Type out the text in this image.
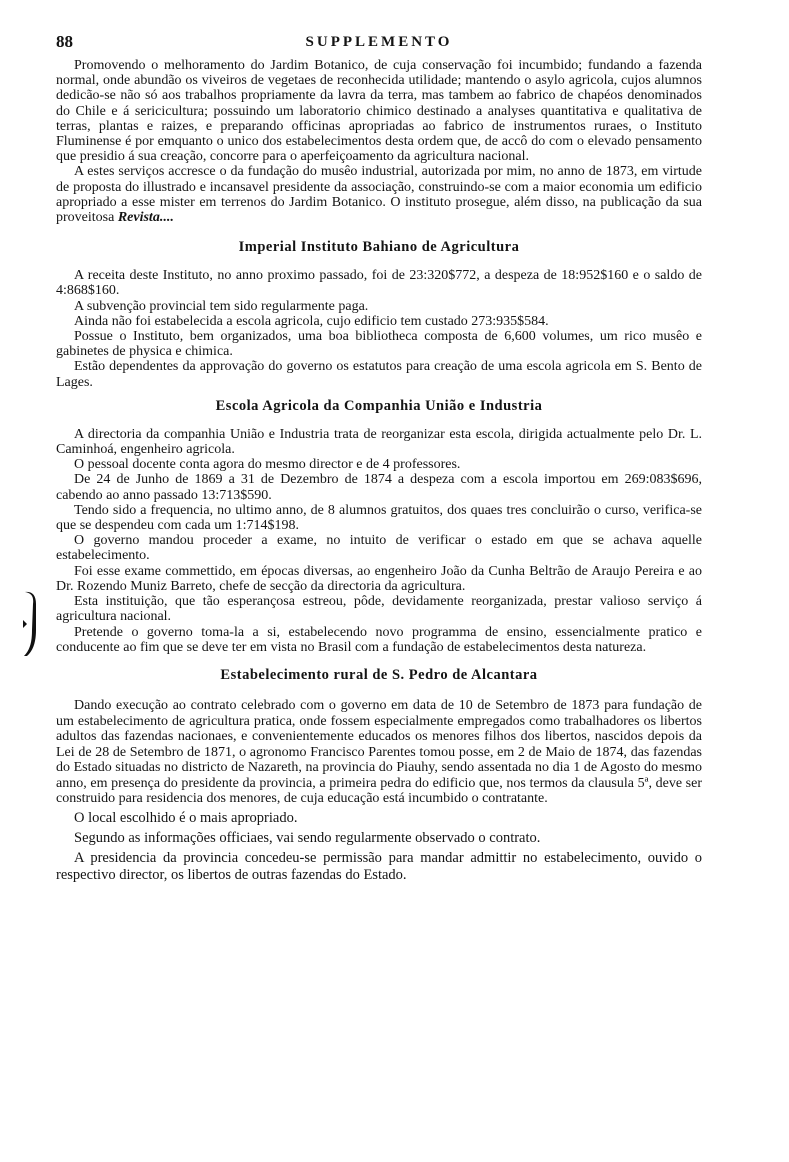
88	SUPPLEMENTO

Promovendo o melhoramento do Jardim Botanico, de cuja conservação foi incumbido; fundando a fazenda normal, onde abundão os viveiros de vegetaes de reconhecida utilidade; mantendo o asylo agricola, cujos alumnos dedicão-se não só aos trabalhos propriamente da lavra da terra, mas tambem ao fabrico de chapéos denominados do Chile e á sericicultura; possuindo um laboratorio chimico destinado a analyses quantitativa e qualitativa de terras, plantas e raizes, e preparando officinas apropriadas ao fabrico de instrumentos ruraes, o Instituto Fluminense é por emquanto o unico dos estabelecimentos desta ordem que, de accô do com o elevado pensamento que presidio á sua creação, concorre para o aperfeiçoamento da agricultura nacional.

A estes serviços accresce o da fundação do musêo industrial, autorizada por mim, no anno de 1873, em virtude de proposta do illustrado e incansavel presidente da associação, construindo-se com a maior economia um edificio apropriado a esse mister em terrenos do Jardim Botanico. O instituto prosegue, além disso, na publicação da sua proveitosa Revista....

Imperial Instituto Bahiano de Agricultura

A receita deste Instituto, no anno proximo passado, foi de 23:320$772, a despeza de 18:952$160 e o saldo de 4:868$160.

A subvenção provincial tem sido regularmente paga.

Ainda não foi estabelecida a escola agricola, cujo edificio tem custado 273:935$584.

Possue o Instituto, bem organizados, uma boa bibliotheca composta de 6,600 volumes, um rico musêo e gabinetes de physica e chimica.

Estão dependentes da approvação do governo os estatutos para creação de uma escola agricola em S. Bento de Lages.

Escola Agricola da Companhia União e Industria

A directoria da companhia União e Industria trata de reorganizar esta escola, dirigida actualmente pelo Dr. L. Caminhoá, engenheiro agricola.

O pessoal docente conta agora do mesmo director e de 4 professores.

De 24 de Junho de 1869 a 31 de Dezembro de 1874 a despeza com a escola importou em 269:083$696, cabendo ao anno passado 13:713$590.

Tendo sido a frequencia, no ultimo anno, de 8 alumnos gratuitos, dos quaes tres concluirão o curso, verifica-se que se despendeu com cada um 1:714$198.

O governo mandou proceder a exame, no intuito de verificar o estado em que se achava aquelle estabelecimento.

Foi esse exame commettido, em épocas diversas, ao engenheiro João da Cunha Beltrão de Araujo Pereira e ao Dr. Rozendo Muniz Barreto, chefe de secção da directoria da agricultura.

Esta instituição, que tão esperançosa estreou, pôde, devidamente reorganizada, prestar valioso serviço á agricultura nacional.

Pretende o governo toma-la a si, estabelecendo novo programma de ensino, essencialmente pratico e conducente ao fim que se deve ter em vista no Brasil com a fundação de estabelecimentos desta natureza.

Estabelecimento rural de S. Pedro de Alcantara

Dando execução ao contrato celebrado com o governo em data de 10 de Setembro de 1873 para fundação de um estabelecimento de agricultura pratica, onde fossem especialmente empregados como trabalhadores os libertos adultos das fazendas nacionaes, e convenientemente educados os menores filhos dos libertos, nascidos depois da Lei de 28 de Setembro de 1871, o agronomo Francisco Parentes tomou posse, em 2 de Maio de 1874, das fazendas do Estado situadas no districto de Nazareth, na provincia do Piauhy, sendo assentada no dia 1 de Agosto do mesmo anno, em presença do presidente da provincia, a primeira pedra do edificio que, nos termos da clausula 5ª, deve ser construido para residencia dos menores, de cuja educação está incumbido o contratante.

O local escolhido é o mais apropriado.

Segundo as informações officiaes, vai sendo regularmente observado o contrato.

A presidencia da provincia concedeu-se permissão para mandar admittir no estabelecimento, ouvido o respectivo director, os libertos de outras fazendas do Estado.
